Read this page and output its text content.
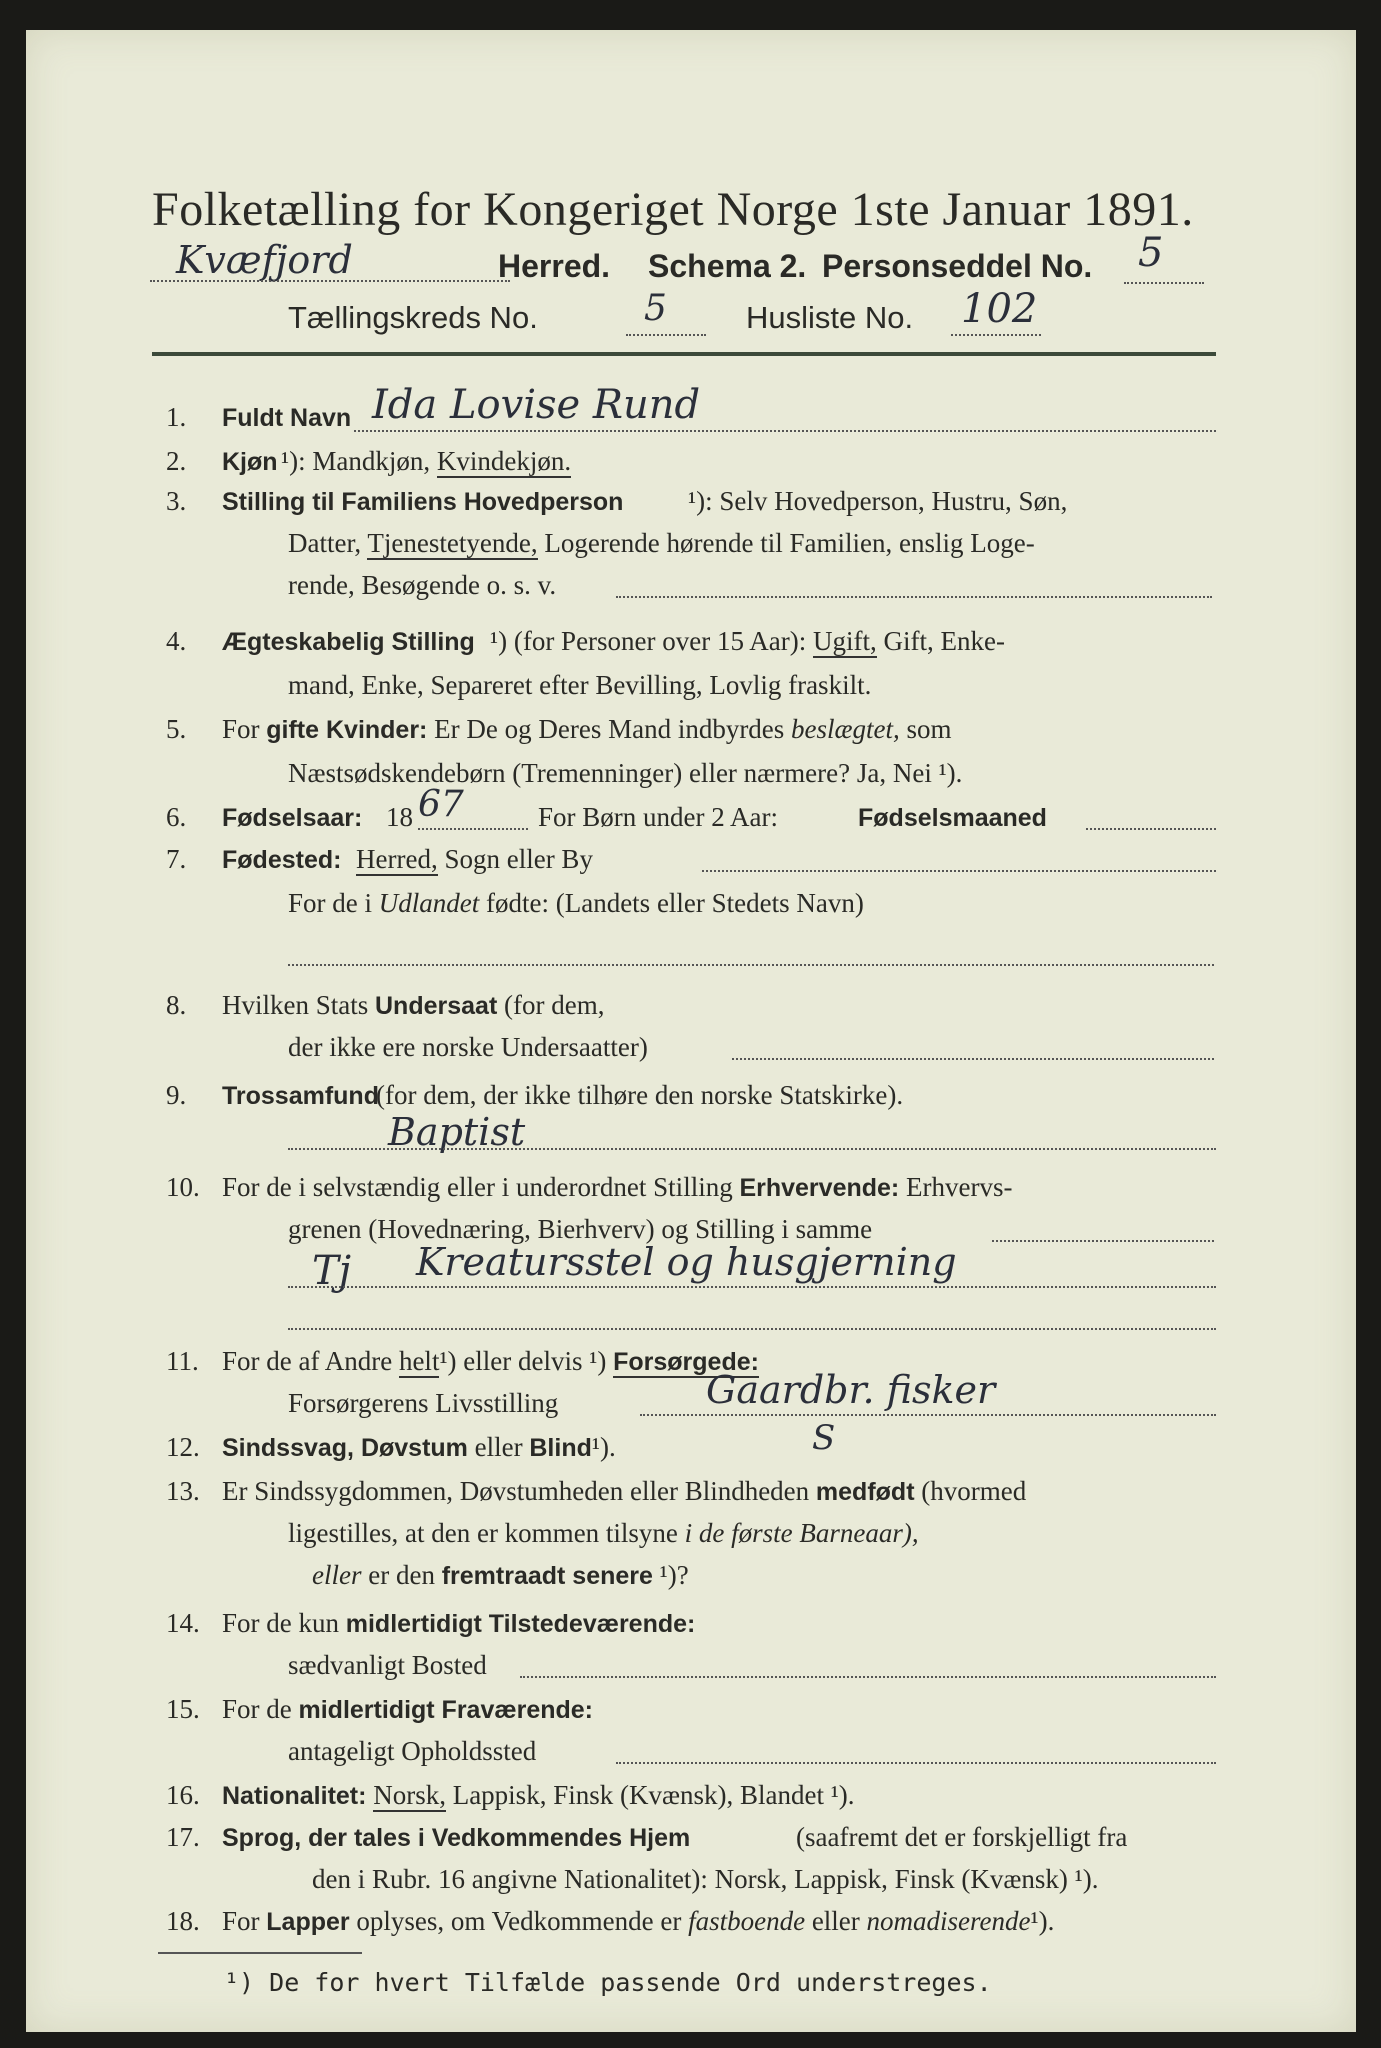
Folketælling for Kongeriget Norge 1ste Januar 1891.
Kvæfjord	Herred. Schema 2. Personseddel No. 5
Tællingskreds No.	5	Husliste No. 102
1. Fuldt Navn Ida Lovise Rund
2. Kjøn ¹): Mandkjøn, Kvindekjøn.
3. Stilling til Familiens Hovedperson ¹): Selv Hovedperson, Hustru, Søn,
Datter, Tjenestetyende, Logerende hørende til Familien, enslig Loge-
rende, Besøgende o. s. v.
4. Ægteskabelig Stilling ¹) (for Personer over 15 Aar): Ugift, Gift, Enke-
mand, Enke, Separeret efter Bevilling, Lovlig fraskilt.
5. For gifte Kvinder: Er De og Deres Mand indbyrdes beslægtet, som
Næstsødskendebørn (Tremenninger) eller nærmere? Ja, Nei ¹).
6. Fødselsaar: 18 67	For Børn under 2 Aar:	Fødselsmaaned
7. Fødested: Herred, Sogn eller By
For de i Udlandet fødte: (Landets eller Stedets Navn)
8. Hvilken Stats Undersaat (for dem,
der ikke ere norske Undersaatter)
9. Trossamfund
(for dem, der ikke tilhøre den norske Statskirke).
Baptist
10. For de i selvstændig eller i underordnet Stilling Erhvervende: Erhvervs-
grenen (Hovednæring, Bierhverv) og Stilling i samme
Tj Kreatursstel og husgjerning
11. For de af Andre helt¹) eller delvis ¹) Forsørgede:
Forsørgerens Livsstilling	Gaardbr. fisker
12. Sindssvag, Døvstum eller Blind¹).	S
13. Er Sindssygdommen, Døvstumheden eller Blindheden medfødt (hvormed
ligestilles, at den er kommen tilsyne i de første Barneaar),
eller er den fremtraadt senere ¹)?
14. For de kun midlertidigt Tilstedeværende:
sædvanligt Bosted
15. For de midlertidigt Fraværende:
antageligt Opholdssted
16. Nationalitet: Norsk, Lappisk, Finsk (Kvænsk), Blandet ¹).
17. Sprog, der tales i Vedkommendes Hjem	(saafremt det er forskjelligt fra
den i Rubr. 16 angivne Nationalitet): Norsk, Lappisk, Finsk (Kvænsk) ¹).
18. For Lapper oplyses, om Vedkommende er fastboende eller nomadiserende¹).
¹) De for hvert Tilfælde passende Ord understreges.
